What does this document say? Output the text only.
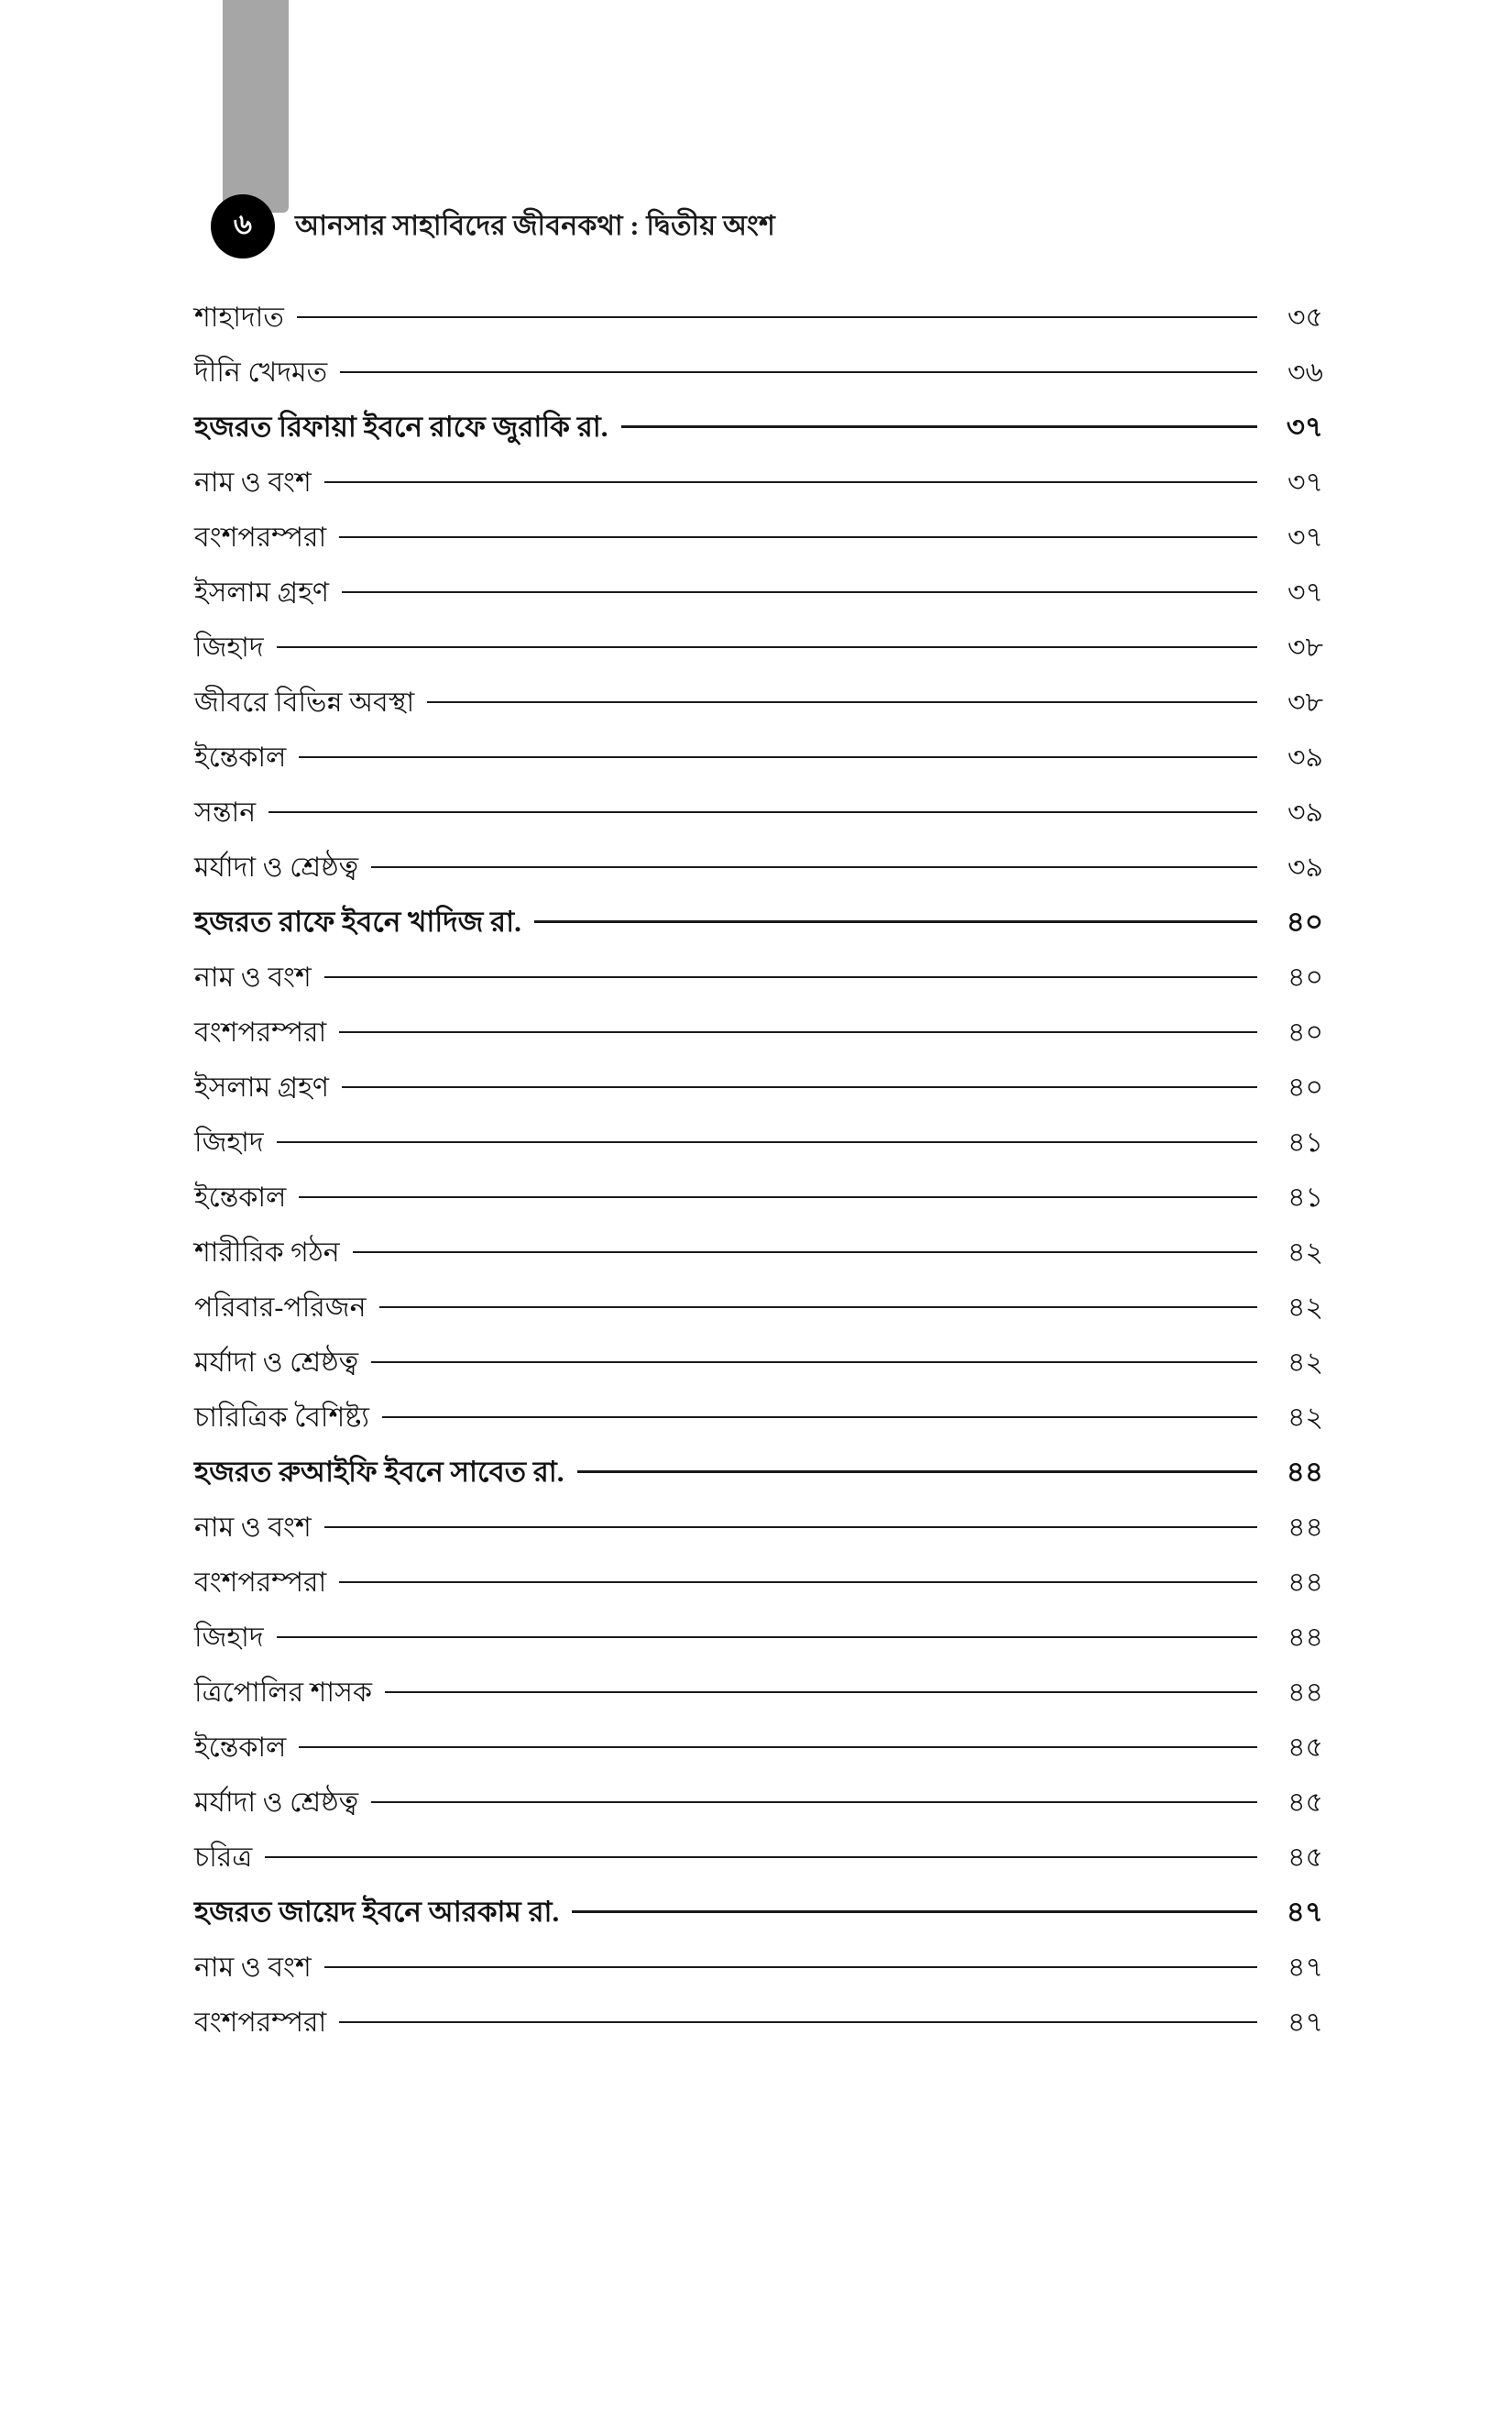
৬	আনসার সাহাবিদের জীবনকথা : দ্বিতীয় অংশ
শাহাদাত	৩৫
দীনি খেদমত	৩৬
হজরত রিফায়া ইবনে রাফে জুরাকি রা.	৩৭
নাম ও বংশ	৩৭
বংশপরম্পরা	৩৭
ইসলাম গ্রহণ	৩৭
জিহাদ	৩৮
জীবরে বিভিন্ন অবস্থা	৩৮
ইন্তেকাল	৩৯
সন্তান	৩৯
মর্যাদা ও শ্রেষ্ঠত্ব	৩৯
হজরত রাফে ইবনে খাদিজ রা.	৪০
নাম ও বংশ	৪০
বংশপরম্পরা	৪০
ইসলাম গ্রহণ	৪০
জিহাদ	৪১
ইন্তেকাল	৪১
শারীরিক গঠন	৪২
পরিবার-পরিজন	৪২
মর্যাদা ও শ্রেষ্ঠত্ব	৪২
চারিত্রিক বৈশিষ্ট্য	৪২
হজরত রুআইফি ইবনে সাবেত রা.	৪৪
নাম ও বংশ	৪৪
বংশপরম্পরা	৪৪
জিহাদ	৪৪
ত্রিপোলির শাসক	৪৪
ইন্তেকাল	৪৫
মর্যাদা ও শ্রেষ্ঠত্ব	৪৫
চরিত্র	৪৫
হজরত জায়েদ ইবনে আরকাম রা.	৪৭
নাম ও বংশ	৪৭
বংশপরম্পরা	৪৭
